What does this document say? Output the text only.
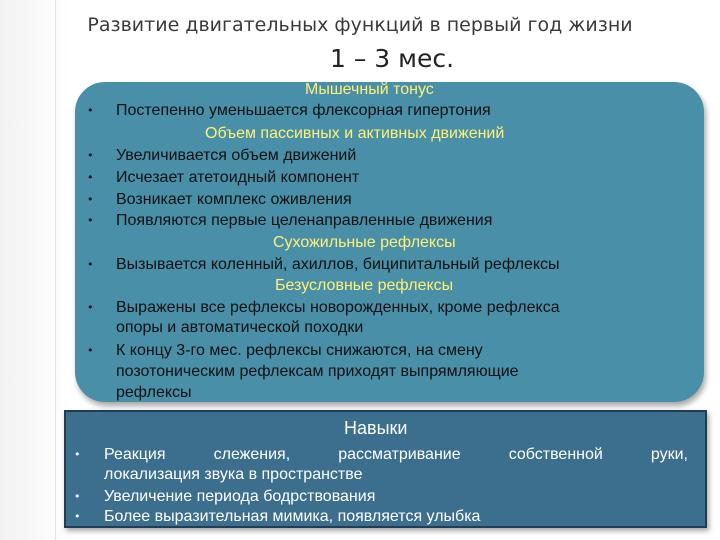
Развитие двигательных функций в первый год жизни
1 – 3 мес.
Мышечный тонус
• Постепенно уменьшается флексорная гипертония
Объем пассивных и активных движений
• Увеличивается объем движений
• Исчезает атетоидный компонент
• Возникает комплекс оживления
• Появляются первые целенаправленные движения
Сухожильные рефлексы
• Вызывается коленный, ахиллов, биципитальный рефлексы
Безусловные рефлексы
• Выражены все рефлексы новорожденных, кроме рефлекса
опоры и автоматической походки
• К концу 3-го мес. рефлексы снижаются, на смену
позотоническим рефлексам приходят выпрямляющие
рефлексы
Навыки
• Реакция слежения, рассматривание собственной руки,
локализация звука в пространстве
• Увеличение периода бодрствования
• Более выразительная мимика, появляется улыбка
